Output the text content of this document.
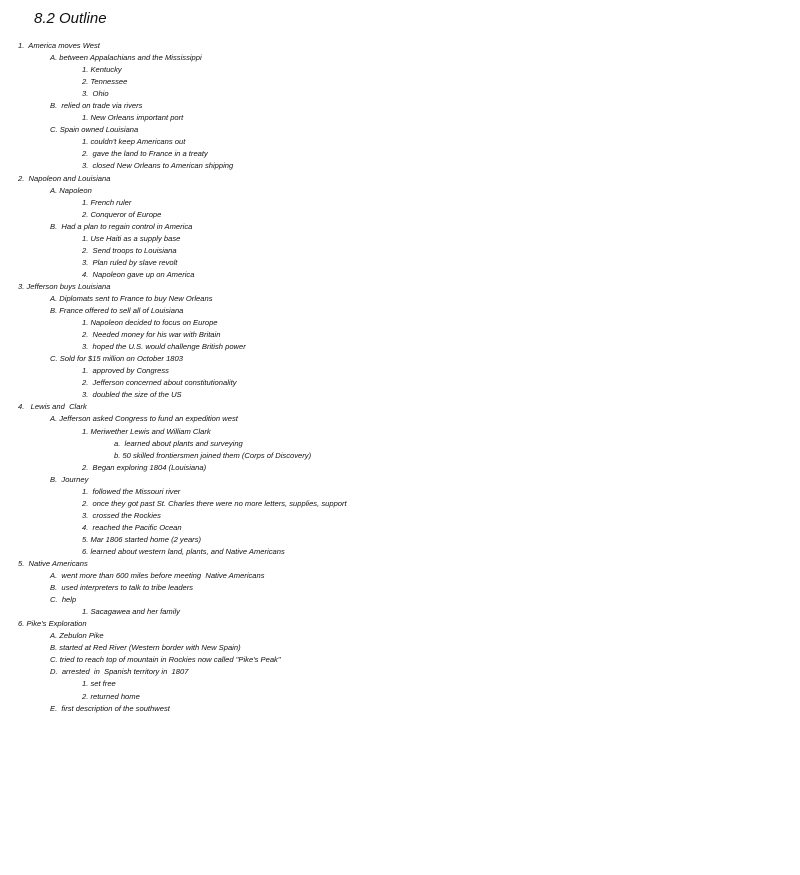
8.2 Outline
1.  America moves West
A. between Appalachians and the Mississippi
1. Kentucky
2. Tennessee
3.  Ohio
B.  relied on trade via rivers
1. New Orleans important port
C. Spain owned Louisiana
1. couldn't keep Americans out
2.  gave the land to France in a treaty
3.  closed New Orleans to American shipping
2.  Napoleon and Louisiana
A. Napoleon
1. French ruler
2. Conqueror of Europe
B.  Had a plan to regain control in America
1. Use Haiti as a supply base
2.  Send troops to Louisiana
3.  Plan ruled by slave revolt
4.  Napoleon gave up on America
3. Jefferson buys Louisiana
A. Diplomats sent to France to buy New Orleans
B. France offered to sell all of Louisiana
1. Napoleon decided to focus on Europe
2.  Needed money for his war with Britain
3.  hoped the U.S. would challenge British power
C. Sold for $15 million on October 1803
1.  approved by Congress
2.  Jefferson concerned about constitutionality
3.  doubled the size of the US
4.   Lewis and  Clark
A. Jefferson asked Congress to fund an expedition west
1. Meriwether Lewis and William Clark
a.  learned about plants and surveying
b. 50 skilled frontiersmen joined them (Corps of Discovery)
2.  Began exploring 1804 (Louisiana)
B.  Journey
1.  followed the Missouri river
2.  once they got past St. Charles there were no more letters, supplies, support
3.  crossed the Rockies
4.  reached the Pacific Ocean
5. Mar 1806 started home (2 years)
6. learned about western land, plants, and Native Americans
5.  Native Americans
A.  went more than 600 miles before meeting  Native Americans
B.  used interpreters to talk to tribe leaders
C.  help
1. Sacagawea and her family
6. Pike's Exploration
A. Zebulon Pike
B. started at Red River (Western border with New Spain)
C. tried to reach top of mountain in Rockies now called "Pike's Peak"
D.  arrested  in  Spanish territory in  1807
1. set free
2. returned home
E.  first description of the southwest
